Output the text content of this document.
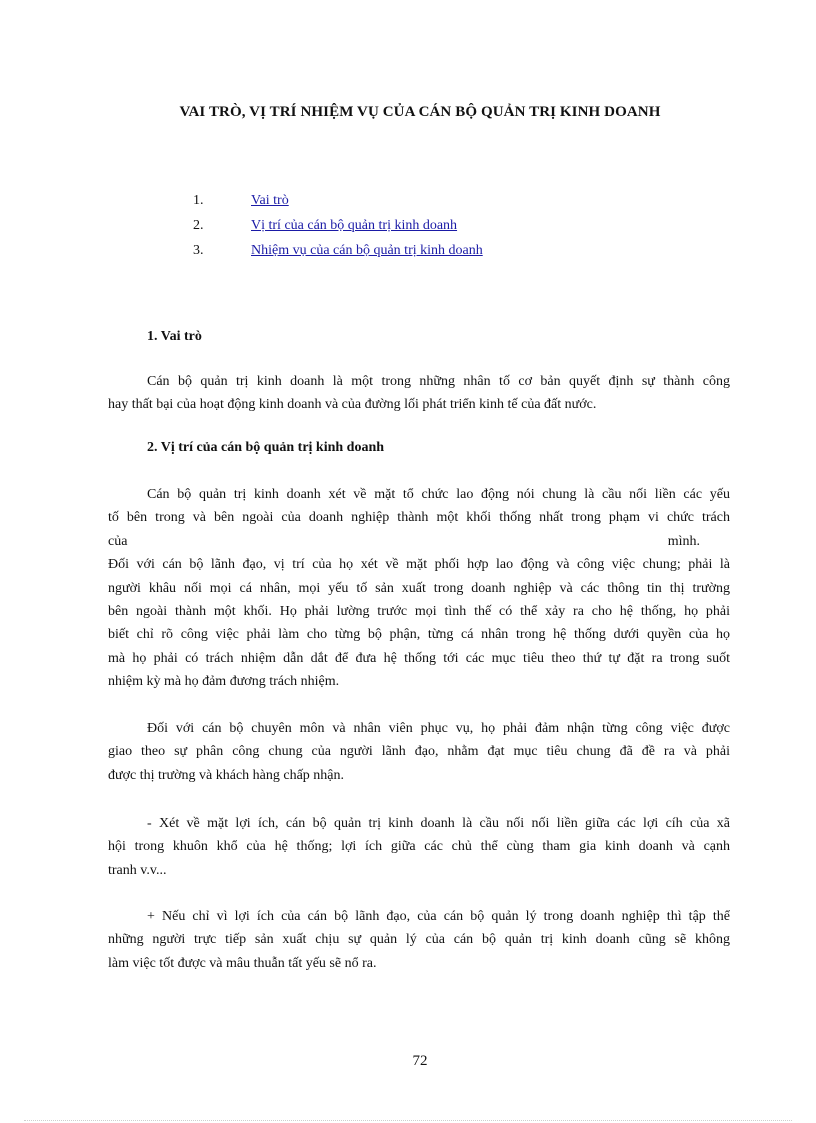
VAI TRÒ, VỊ TRÍ NHIỆM VỤ CỦA CÁN BỘ QUẢN TRỊ KINH DOANH
1.	Vai trò
2.	Vị trí của cán bộ quản trị kinh doanh
3.	Nhiệm vụ của cán bộ quản trị kinh doanh
1. Vai trò
Cán bộ quản trị kinh doanh là một trong những nhân tố cơ bản quyết định sự thành công
hay thất bại của hoạt động kinh doanh và của đường lối phát triển kinh tế của đất nước.
2. Vị trí của cán bộ quản trị kinh doanh
Cán bộ quản trị kinh doanh xét về mặt tổ chức lao động nói chung là cầu nối liền các yếu
tố bên trong và bên ngoài của doanh nghiệp thành một khối thống nhất trong phạm vi chức trách
của	mình.
Đối với cán bộ lãnh đạo, vị trí của họ xét về mặt phối hợp lao động và công việc chung; phải là
người khâu nối mọi cá nhân, mọi yếu tố sản xuất trong doanh nghiệp và các thông tin thị trường
bên ngoài thành một khối. Họ phải lường trước mọi tình thế có thể xảy ra cho hệ thống, họ phải
biết chỉ rõ công việc phải làm cho từng bộ phận, từng cá nhân trong hệ thống dưới quyền của họ
mà họ phải có trách nhiệm dẫn dắt để đưa hệ thống tới các mục tiêu theo thứ tự đặt ra trong suốt
nhiệm kỳ mà họ đảm đương trách nhiệm.
Đối với cán bộ chuyên môn và nhân viên phục vụ, họ phải đảm nhận từng công việc được
giao theo sự phân công chung của người lãnh đạo, nhằm đạt mục tiêu chung đã đề ra và phải
được thị trường và khách hàng chấp nhận.
- Xét về mặt lợi ích, cán bộ quản trị kinh doanh là cầu nối nối liền giữa các lợi cíh của xã
hội trong khuôn khổ của hệ thống; lợi ích giữa các chủ thể cùng tham gia kinh doanh và cạnh
tranh v.v...
+ Nếu chỉ vì lợi ích của cán bộ lãnh đạo, của cán bộ quản lý trong doanh nghiệp thì tập thể
những người trực tiếp sản xuất chịu sự quản lý của cán bộ quản trị kinh doanh cũng sẽ không
làm việc tốt được và mâu thuẫn tất yếu sẽ nổ ra.
72
